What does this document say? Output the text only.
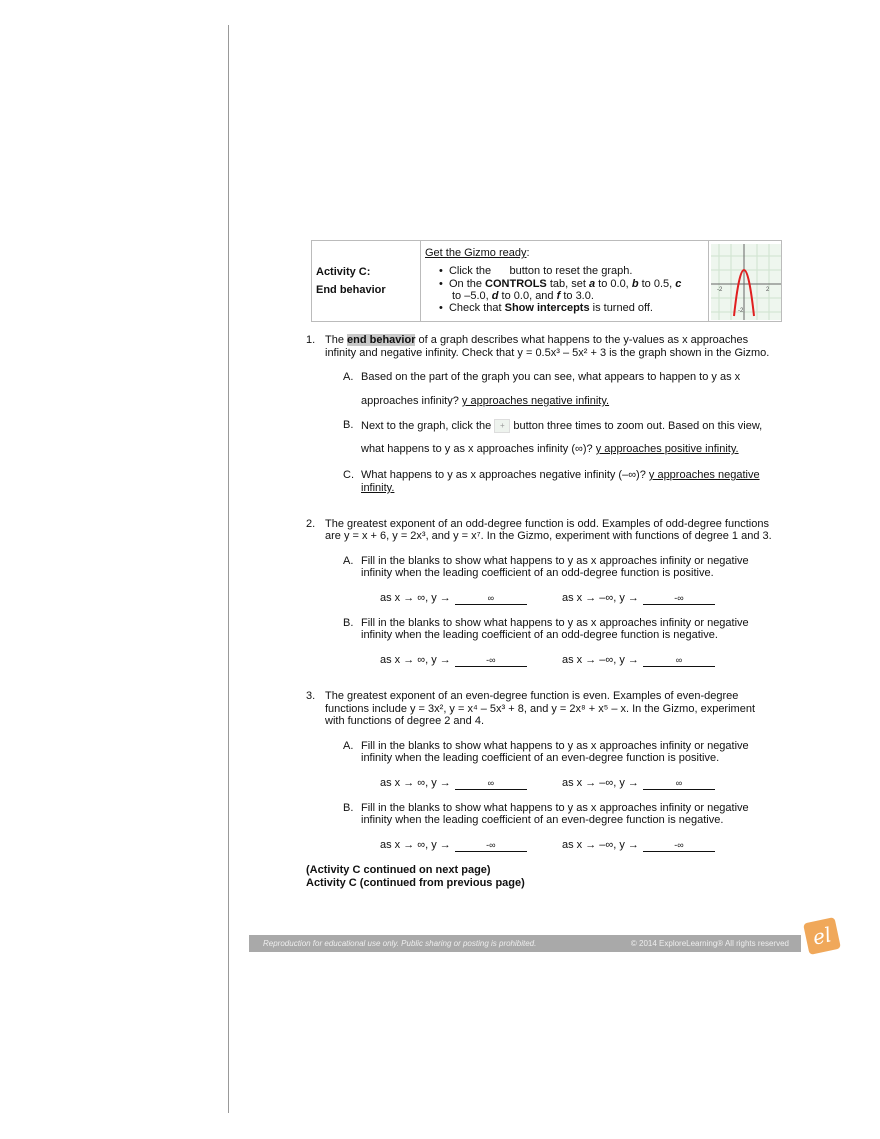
Activity C:
End behavior

Get the Gizmo ready:
•  Click the button to reset the graph.
•  On the CONTROLS tab, set a to 0.0, b to 0.5, c
to –5.0, d to 0.0, and f to 3.0.
•  Check that Show intercepts is turned off.

-2	2
-2
1. The end behavior of a graph describes what happens to the y-values as x approaches
infinity and negative infinity. Check that y = 0.5x³ – 5x² + 3 is the graph shown in the Gizmo.
A. Based on the part of the graph you can see, what appears to happen to y as x
approaches infinity? y approaches negative infinity.
B. Next to the graph, click the + button three times to zoom out. Based on this view,
what happens to y as x approaches infinity (∞)? y approaches positive infinity.
C. What happens to y as x approaches negative infinity (–∞)? y approaches negative
infinity.
2. The greatest exponent of an odd-degree function is odd. Examples of odd-degree functions
are y = x + 6, y = 2x³, and y = x⁷. In the Gizmo, experiment with functions of degree 1 and 3.
A. Fill in the blanks to show what happens to y as x approaches infinity or negative
infinity when the leading coefficient of an odd-degree function is positive.
as x → ∞, y →	∞	as x → –∞, y →	-∞
B. Fill in the blanks to show what happens to y as x approaches infinity or negative
infinity when the leading coefficient of an odd-degree function is negative.
as x → ∞, y →	-∞	as x → –∞, y →	∞
3. The greatest exponent of an even-degree function is even. Examples of even-degree
functions include y = 3x², y = x⁴ – 5x³ + 8, and y = 2x⁸ + x⁵ – x. In the Gizmo, experiment
with functions of degree 2 and 4.
A. Fill in the blanks to show what happens to y as x approaches infinity or negative
infinity when the leading coefficient of an even-degree function is positive.
as x → ∞, y →	∞	as x → –∞, y →	∞
B. Fill in the blanks to show what happens to y as x approaches infinity or negative
infinity when the leading coefficient of an even-degree function is negative.
as x → ∞, y →	-∞	as x → –∞, y →	-∞
(Activity C continued on next page)
Activity C (continued from previous page)
Reproduction for educational use only. Public sharing or posting is prohibited.	© 2014 ExploreLearning® All rights reserved	el
